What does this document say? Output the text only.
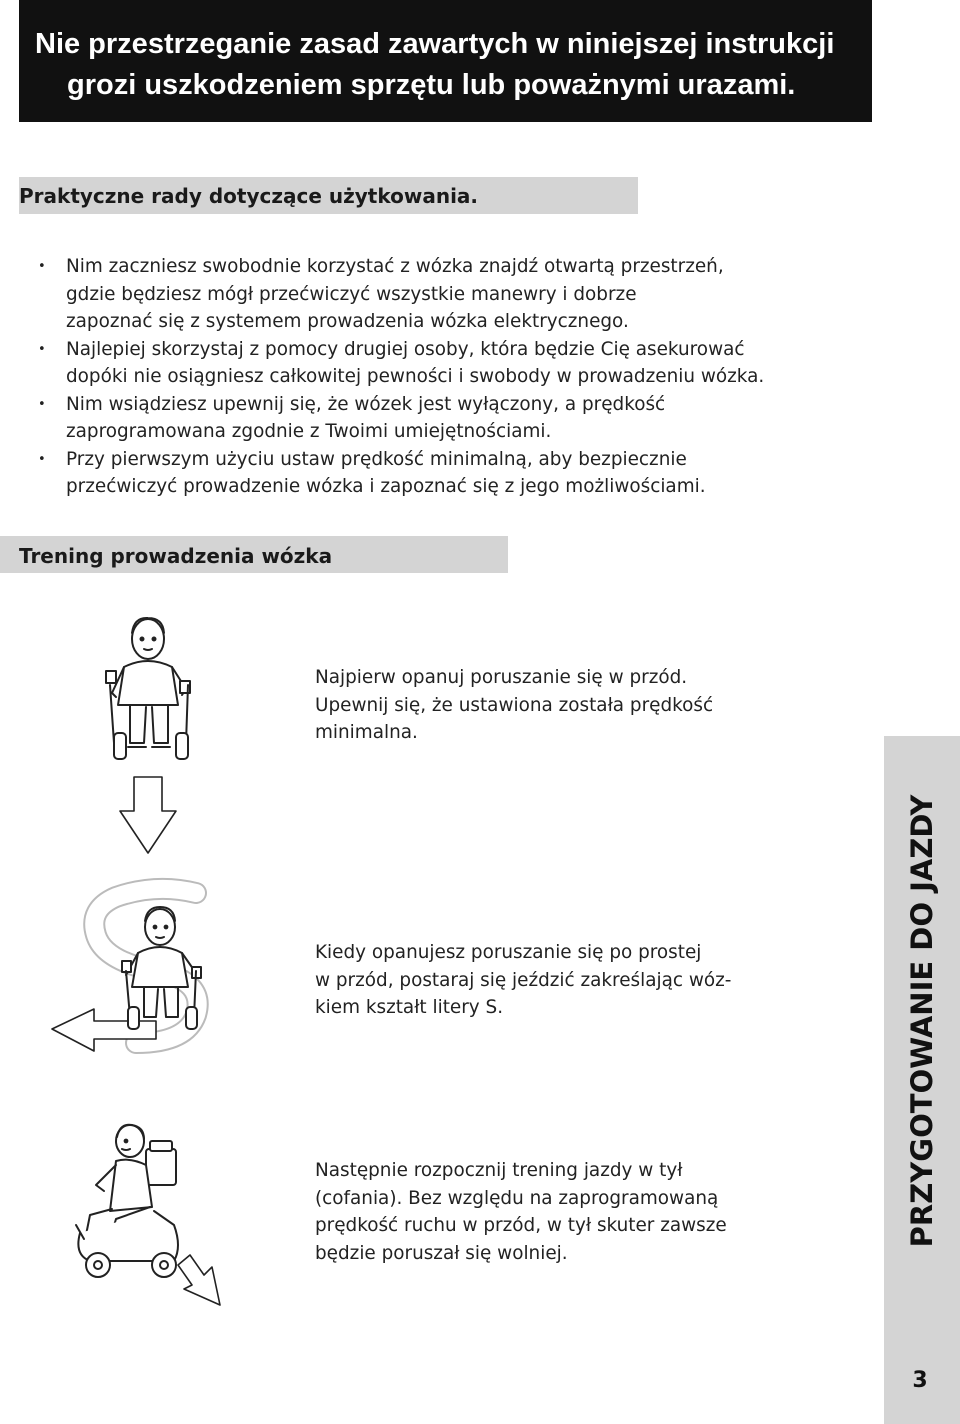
Nie przestrzeganie zasad zawartych w niniejszej instrukcji
grozi uszkodzeniem sprzętu lub poważnymi urazami.
Praktyczne rady dotyczące użytkowania.
• Nim zaczniesz swobodnie korzystać z wózka znajdź otwartą przestrzeń,
gdzie będziesz mógł przećwiczyć wszystkie manewry i dobrze
zapoznać się z systemem prowadzenia wózka elektrycznego.
• Najlepiej skorzystaj z pomocy drugiej osoby, która będzie Cię asekurować
dopóki nie osiągniesz całkowitej pewności i swobody w prowadzeniu wózka.
• Nim wsiądziesz upewnij się, że wózek jest wyłączony, a prędkość
zaprogramowana zgodnie z Twoimi umiejętnościami.
• Przy pierwszym użyciu ustaw prędkość minimalną, aby bezpiecznie
przećwiczyć prowadzenie wózka i zapoznać się z jego możliwościami.
Trening prowadzenia wózka
Najpierw opanuj poruszanie się w przód.
Upewnij się, że ustawiona została prędkość
minimalna.
Kiedy opanujesz poruszanie się po prostej
w przód, postaraj się jeździć zakreślając wóz-
kiem kształt litery S.
Następnie rozpocznij trening jazdy w tył
(cofania). Bez względu na zaprogramowaną
prędkość ruchu w przód, w tył skuter zawsze
będzie poruszał się wolniej.
PRZYGOTOWANIE DO JAZDY
3
